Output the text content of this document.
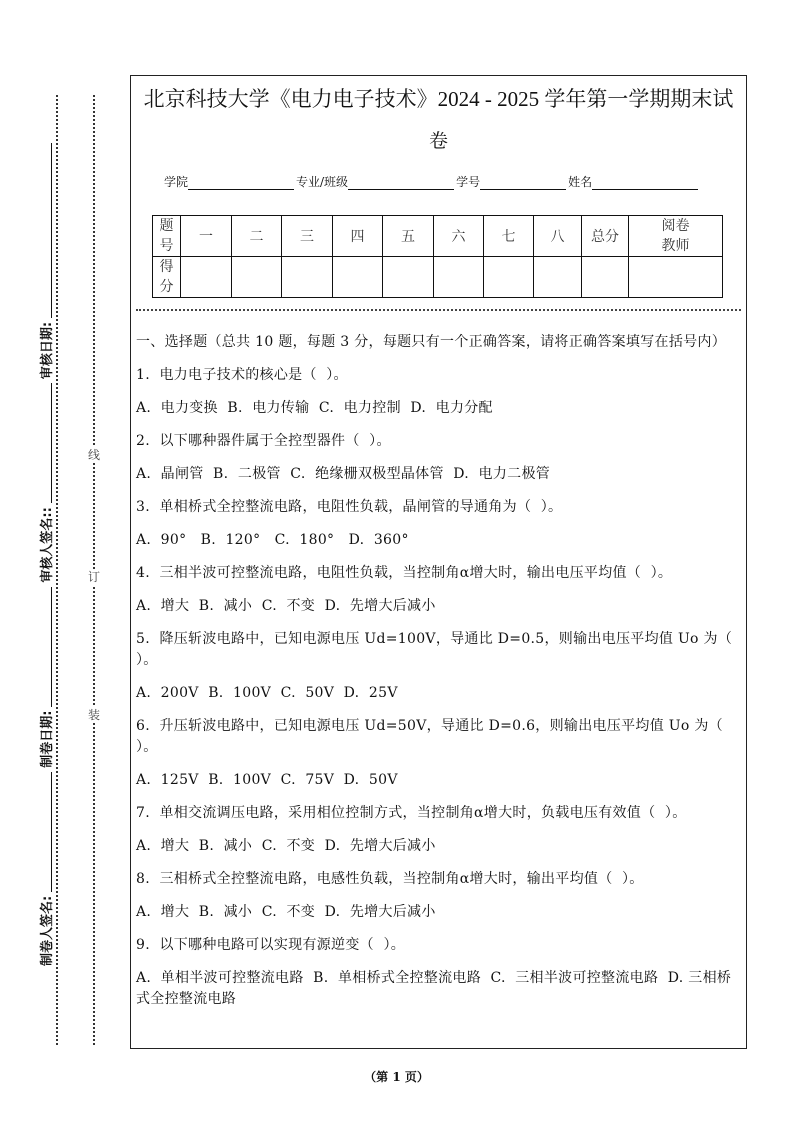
线
订
装
制卷人签名:
制卷日期:
审核人签名::
审核日期:
北京科技大学《电力电子技术》2024 - 2025 学年第一学期期末试
卷
学院	专业/班级	学号	姓名
题
号	一	二	三	四	五	六	七	八	总分	阅卷
教师
得
分										

一、选择题（总共 10 题，每题 3 分，每题只有一个正确答案，请将正确答案填写在括号内）

1.  电力电子技术的核心是（  ）。

A.  电力变换  B.  电力传输  C.  电力控制  D.  电力分配

2.  以下哪种器件属于全控型器件（  ）。

A.  晶闸管  B.  二极管  C.  绝缘栅双极型晶体管  D.  电力二极管

3.  单相桥式全控整流电路，电阻性负载，晶闸管的导通角为（  ）。

A.  90°   B.  120°   C.  180°   D.  360°

4.  三相半波可控整流电路，电阻性负载，当控制角α增大时，输出电压平均值（  ）。

A.  增大  B.  减小  C.  不变  D.  先增大后减小

5.  降压斩波电路中，已知电源电压 Ud=100V，导通比 D=0.5，则输出电压平均值 Uo 为（  ）。

A.  200V  B.  100V  C.  50V  D.  25V

6.  升压斩波电路中，已知电源电压 Ud=50V，导通比 D=0.6，则输出电压平均值 Uo 为（  ）。

A.  125V  B.  100V  C.  75V  D.  50V

7.  单相交流调压电路，采用相位控制方式，当控制角α增大时，负载电压有效值（  ）。

A.  增大  B.  减小  C.  不变  D.  先增大后减小

8.  三相桥式全控整流电路，电感性负载，当控制角α增大时，输出平均值（  ）。

A.  增大  B.  减小  C.  不变  D.  先增大后减小

9.  以下哪种电路可以实现有源逆变（  ）。

A.  单相半波可控整流电路  B.  单相桥式全控整流电路  C.  三相半波可控整流电路  D. 三相桥式全控整流电路

（第 1 页）
